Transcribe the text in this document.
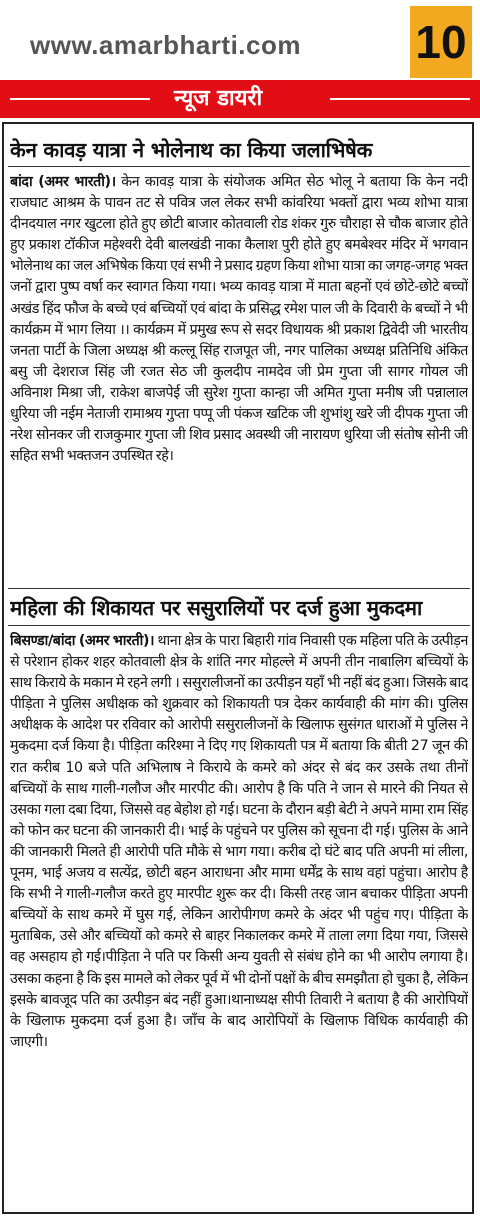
www.amarbharti.com 10
न्यूज डायरी
केन कावड़ यात्रा ने भोलेनाथ का किया जलाभिषेक
बांदा (अमर भारती)। केन कावड़ यात्रा के संयोजक अमित सेठ भोलू ने बताया कि केन नदी राजघाट आश्रम के पावन तट से पवित्र जल लेकर सभी कांवरिया भक्तों द्वारा भव्य शोभा यात्रा दीनदयाल नगर खुटला होते हुए छोटी बाजार कोतवाली रोड शंकर गुरु चौराहा से चौक बाजार होते हुए प्रकाश टॉकीज महेश्वरी देवी बालखंडी नाका कैलाश पुरी होते हुए बमबेश्वर मंदिर में भगवान भोलेनाथ का जल अभिषेक किया एवं सभी ने प्रसाद ग्रहण किया शोभा यात्रा का जगह-जगह भक्त जनों द्वारा पुष्प वर्षा कर स्वागत किया गया। भव्य कावड़ यात्रा में माता बहनों एवं छोटे-छोटे बच्चों अखंड हिंद फौज के बच्चे एवं बच्चियों एवं बांदा के प्रसिद्ध रमेश पाल जी के दिवारी के बच्चों ने भी कार्यक्रम में भाग लिया ।। कार्यक्रम में प्रमुख रूप से सदर विधायक श्री प्रकाश द्विवेदी जी भारतीय जनता पार्टी के जिला अध्यक्ष श्री कल्लू सिंह राजपूत जी, नगर पालिका अध्यक्ष प्रतिनिधि अंकित बसु जी देशराज सिंह जी रजत सेठ जी कुलदीप नामदेव जी प्रेम गुप्ता जी सागर गोयल जी अविनाश मिश्रा जी, राकेश बाजपेई जी सुरेश गुप्ता कान्हा जी अमित गुप्ता मनीष जी पन्नालाल धुरिया जी नईम नेताजी रामाश्रय गुप्ता पप्पू जी पंकज खटिक जी शुभांशु खरे जी दीपक गुप्ता जी नरेश सोनकर जी राजकुमार गुप्ता जी शिव प्रसाद अवस्थी जी नारायण धुरिया जी संतोष सोनी जी सहित सभी भक्तजन उपस्थित रहे।
महिला की शिकायत पर ससुरालियों पर दर्ज हुआ मुकदमा
बिसण्डा/बांदा (अमर भारती)। थाना क्षेत्र के पारा बिहारी गांव निवासी एक महिला पति के उत्पीड़न से परेशान होकर शहर कोतवाली क्षेत्र के शांति नगर मोहल्ले में अपनी तीन नाबालिग बच्चियों के साथ किराये के मकान मे रहने लगी । ससुरालीजनों का उत्पीड़न यहाँ भी नहीं बंद हुआ। जिसके बाद पीड़िता ने पुलिस अधीक्षक को शुक्रवार को शिकायती पत्र देकर कार्यवाही की मांग की। पुलिस अधीक्षक के आदेश पर रविवार को आरोपी ससुरालीजनों के खिलाफ सुसंगत धाराओं मे पुलिस ने मुकदमा दर्ज किया है। पीड़िता करिश्मा ने दिए गए शिकायती पत्र में बताया कि बीती 27 जून की रात करीब 10 बजे पति अभिलाष ने किराये के कमरे को अंदर से बंद कर उसके तथा तीनों बच्चियों के साथ गाली-गलौज और मारपीट की। आरोप है कि पति ने जान से मारने की नियत से उसका गला दबा दिया, जिससे वह बेहोश हो गई। घटना के दौरान बड़ी बेटी ने अपने मामा राम सिंह को फोन कर घटना की जानकारी दी। भाई के पहुंचने पर पुलिस को सूचना दी गई। पुलिस के आने की जानकारी मिलते ही आरोपी पति मौके से भाग गया। करीब दो घंटे बाद पति अपनी मां लीला, पूनम, भाई अजय व सत्येंद्र, छोटी बहन आराधना और मामा धर्मेंद्र के साथ वहां पहुंचा। आरोप है कि सभी ने गाली-गलौज करते हुए मारपीट शुरू कर दी। किसी तरह जान बचाकर पीड़िता अपनी बच्चियों के साथ कमरे में घुस गई, लेकिन आरोपीगण कमरे के अंदर भी पहुंच गए। पीड़िता के मुताबिक, उसे और बच्चियों को कमरे से बाहर निकालकर कमरे में ताला लगा दिया गया, जिससे वह असहाय हो गई।पीड़िता ने पति पर किसी अन्य युवती से संबंध होने का भी आरोप लगाया है। उसका कहना है कि इस मामले को लेकर पूर्व में भी दोनों पक्षों के बीच समझौता हो चुका है, लेकिन इसके बावजूद पति का उत्पीड़न बंद नहीं हुआ।थानाध्यक्ष सीपी तिवारी ने बताया है की आरोपियों के खिलाफ मुकदमा दर्ज हुआ है। जाँच के बाद आरोपियों के खिलाफ विधिक कार्यवाही की जाएगी।
